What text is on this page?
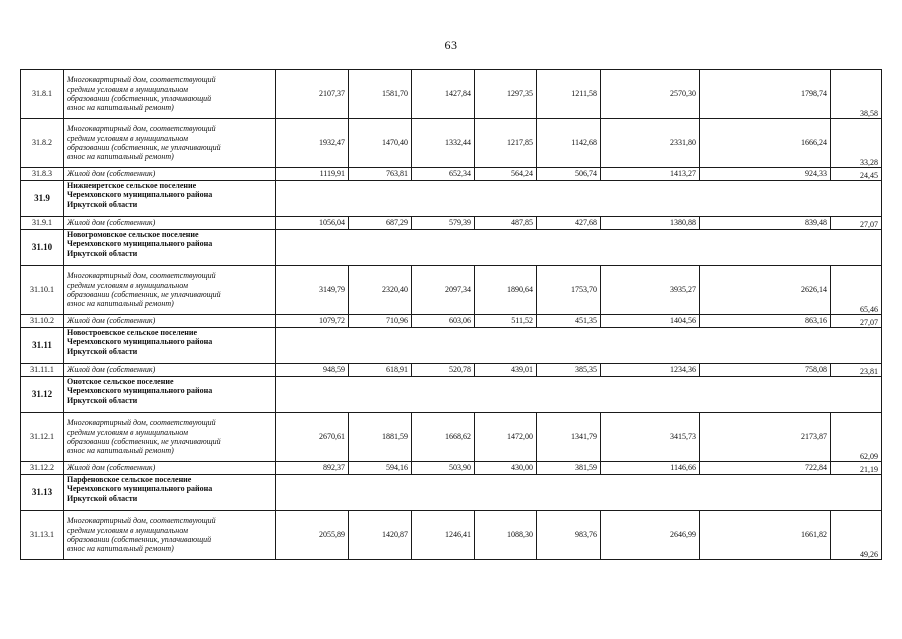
63
31.8.1	Многоквартирный дом, соответствующий
средним условиям в муниципальном
образовании (собственник, уплачивающий
взнос на капитальный ремонт)	2107,37	1581,70	1427,84	1297,35	1211,58	2570,30	1798,74	38,58
31.8.2	Многоквартирный дом, соответствующий
средним условиям в муниципальном
образовании (собственник, не уплачивающий
взнос на капитальный ремонт)	1932,47	1470,40	1332,44	1217,85	1142,68	2331,80	1666,24	33,28
31.8.3	Жилой дом (собственник)	1119,91	763,81	652,34	564,24	506,74	1413,27	924,33	24,45
31.9	Нижнеиретское сельское поселение
Черемховского муниципального района
Иркутской области								

31.9.1	Жилой дом (собственник)	1056,04	687,29	579,39	487,85	427,68	1380,88	839,48	27,07
31.10	Новогромовское сельское поселение
Черемховского муниципального района
Иркутской области								

31.10.1	Многоквартирный дом, соответствующий
средним условиям в муниципальном
образовании (собственник, не уплачивающий
взнос на капитальный ремонт)	3149,79	2320,40	2097,34	1890,64	1753,70	3935,27	2626,14	65,46
31.10.2	Жилой дом (собственник)	1079,72	710,96	603,06	511,52	451,35	1404,56	863,16	27,07
31.11	Новостроевское сельское поселение
Черемховского муниципального района
Иркутской области								

31.11.1	Жилой дом (собственник)	948,59	618,91	520,78	439,01	385,35	1234,36	758,08	23,81
31.12	Онотское сельское поселение
Черемховского муниципального района
Иркутской области								

31.12.1	Многоквартирный дом, соответствующий
средним условиям в муниципальном
образовании (собственник, не уплачивающий
взнос на капитальный ремонт)	2670,61	1881,59	1668,62	1472,00	1341,79	3415,73	2173,87	62,09
31.12.2	Жилой дом (собственник)	892,37	594,16	503,90	430,00	381,59	1146,66	722,84	21,19
31.13	Парфеновское сельское поселение
Черемховского муниципального района
Иркутской области								

31.13.1	Многоквартирный дом, соответствующий
средним условиям в муниципальном
образовании (собственник, уплачивающий
взнос на капитальный ремонт)	2055,89	1420,87	1246,41	1088,30	983,76	2646,99	1661,82	49,26
